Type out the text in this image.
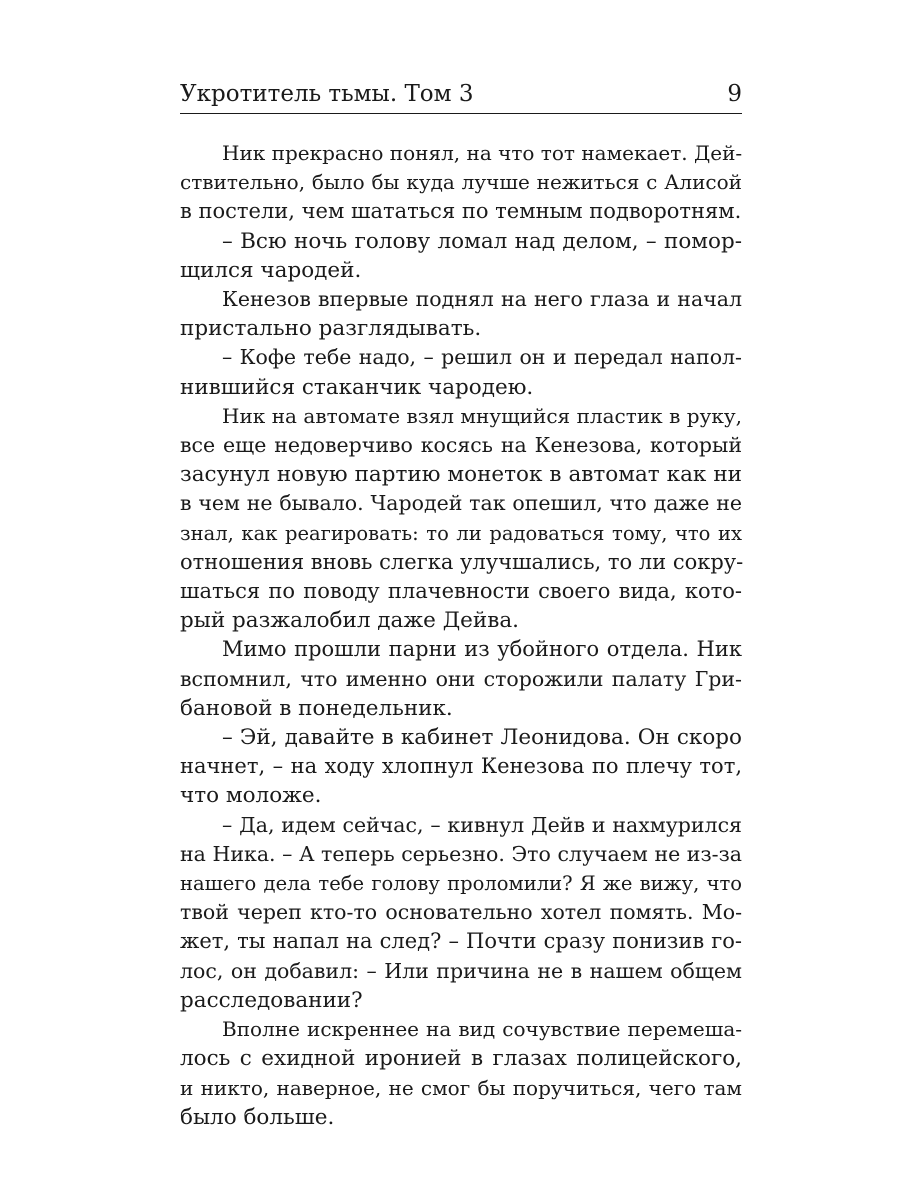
Укротитель тьмы. Том 3	9
Ник прекрасно понял, на что тот намекает. Дей-
ствительно, было бы куда лучше нежиться с Алисой
в постели, чем шататься по темным подворотням.
– Всю ночь голову ломал над делом, – помор-
щился чародей.
Кенезов впервые поднял на него глаза и начал
пристально разглядывать.
– Кофе тебе надо, – решил он и передал напол-
нившийся стаканчик чародею.
Ник на автомате взял мнущийся пластик в руку,
все еще недоверчиво косясь на Кенезова, который
засунул новую партию монеток в автомат как ни
в чем не бывало. Чародей так опешил, что даже не
знал, как реагировать: то ли радоваться тому, что их
отношения вновь слегка улучшались, то ли сокру-
шаться по поводу плачевности своего вида, кото-
рый разжалобил даже Дейва.
Мимо прошли парни из убойного отдела. Ник
вспомнил, что именно они сторожили палату Гри-
бановой в понедельник.
– Эй, давайте в кабинет Леонидова. Он скоро
начнет, – на ходу хлопнул Кенезова по плечу тот,
что моложе.
– Да, идем сейчас, – кивнул Дейв и нахмурился
на Ника. – А теперь серьезно. Это случаем не из-за
нашего дела тебе голову проломили? Я же вижу, что
твой череп кто-то основательно хотел помять. Мо-
жет, ты напал на след? – Почти сразу понизив го-
лос, он добавил: – Или причина не в нашем общем
расследовании?
Вполне искреннее на вид сочувствие перемеша-
лось с ехидной иронией в глазах полицейского,
и никто, наверное, не смог бы поручиться, чего там
было больше.
